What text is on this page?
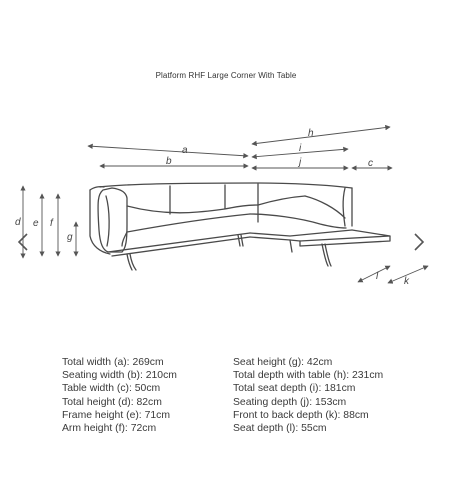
Platform RHF Large Corner With Table
a
b	c
d e f
g
h
i
j
k
l
Total width (a): 269cm
Seating width (b): 210cm
Table width (c): 50cm
Total height (d): 82cm
Frame height (e): 71cm
Arm height (f): 72cm
Seat height (g): 42cm
Total depth with table (h): 231cm
Total seat depth (i): 181cm
Seating depth (j): 153cm
Front to back depth (k): 88cm
Seat depth (l): 55cm
